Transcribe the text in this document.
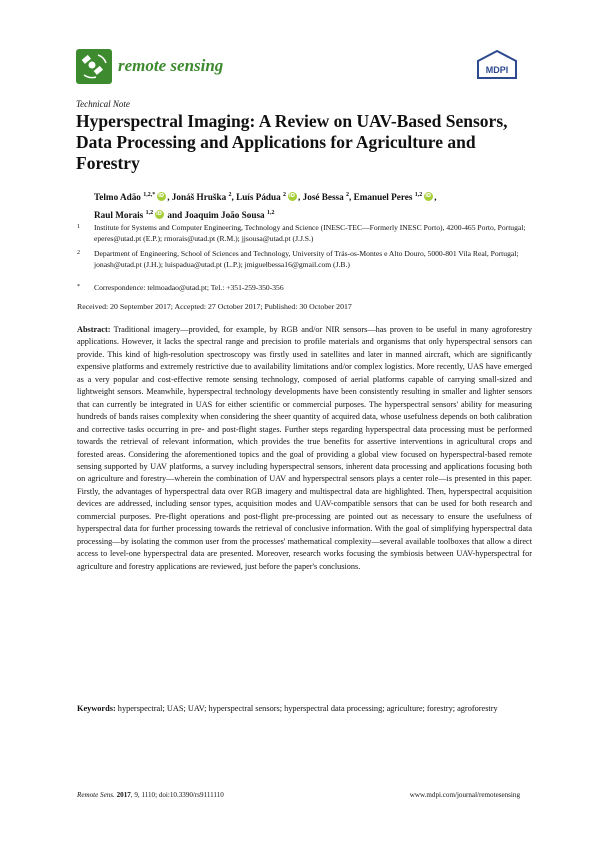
remote sensing	MDPI
Technical Note
Hyperspectral Imaging: A Review on UAV-Based Sensors, Data Processing and Applications for Agriculture and Forestry
Telmo Adão $^{1,2,*}$ iD , Jonáš Hruška $^2$, Luís Pádua $^2$ iD , José Bessa $^2$, Emanuel Peres $^{1,2}$ iD ,
Raul Morais $^{1,2}$iD and Joaquim João Sousa $^{1,2}$
1 Institute for Systems and Computer Engineering, Technology and Science (INESC-TEC—Formerly INESC Porto), 4200-465 Porto, Portugal; eperes@utad.pt (E.P.); rmorais@utad.pt (R.M.); jjsousa@utad.pt (J.J.S.)
2 Department of Engineering, School of Sciences and Technology, University of Trás-os-Montes e Alto Douro, 5000-801 Vila Real, Portugal; jonash@utad.pt (J.H.); luispadua@utad.pt (L.P.); jmiguelbessa16@gmail.com (J.B.)
* Correspondence: telmoadao@utad.pt; Tel.: +351-259-350-356
Received: 20 September 2017; Accepted: 27 October 2017; Published: 30 October 2017
Abstract: Traditional imagery—provided, for example, by RGB and/or NIR sensors—has proven to be useful in many agroforestry applications. However, it lacks the spectral range and precision to profile materials and organisms that only hyperspectral sensors can provide. This kind of high-resolution spectroscopy was firstly used in satellites and later in manned aircraft, which are significantly expensive platforms and extremely restrictive due to availability limitations and/or complex logistics. More recently, UAS have emerged as a very popular and cost-effective remote sensing technology, composed of aerial platforms capable of carrying small-sized and lightweight sensors. Meanwhile, hyperspectral technology developments have been consistently resulting in smaller and lighter sensors that can currently be integrated in UAS for either scientific or commercial purposes. The hyperspectral sensors' ability for measuring hundreds of bands raises complexity when considering the sheer quantity of acquired data, whose usefulness depends on both calibration and corrective tasks occurring in pre- and post-flight stages. Further steps regarding hyperspectral data processing must be performed towards the retrieval of relevant information, which provides the true benefits for assertive interventions in agricultural crops and forested areas. Considering the aforementioned topics and the goal of providing a global view focused on hyperspectral-based remote sensing supported by UAV platforms, a survey including hyperspectral sensors, inherent data processing and applications focusing both on agriculture and forestry—wherein the combination of UAV and hyperspectral sensors plays a center role—is presented in this paper. Firstly, the advantages of hyperspectral data over RGB imagery and multispectral data are highlighted. Then, hyperspectral acquisition devices are addressed, including sensor types, acquisition modes and UAV-compatible sensors that can be used for both research and commercial purposes. Pre-flight operations and post-flight pre-processing are pointed out as necessary to ensure the usefulness of hyperspectral data for further processing towards the retrieval of conclusive information. With the goal of simplifying hyperspectral data processing—by isolating the common user from the processes' mathematical complexity—several available toolboxes that allow a direct access to level-one hyperspectral data are presented. Moreover, research works focusing the symbiosis between UAV-hyperspectral for agriculture and forestry applications are reviewed, just before the paper's conclusions.
Keywords: hyperspectral; UAS; UAV; hyperspectral sensors; hyperspectral data processing; agriculture; forestry; agroforestry
Remote Sens. 2017, 9, 1110; doi:10.3390/rs9111110	www.mdpi.com/journal/remotesensing
